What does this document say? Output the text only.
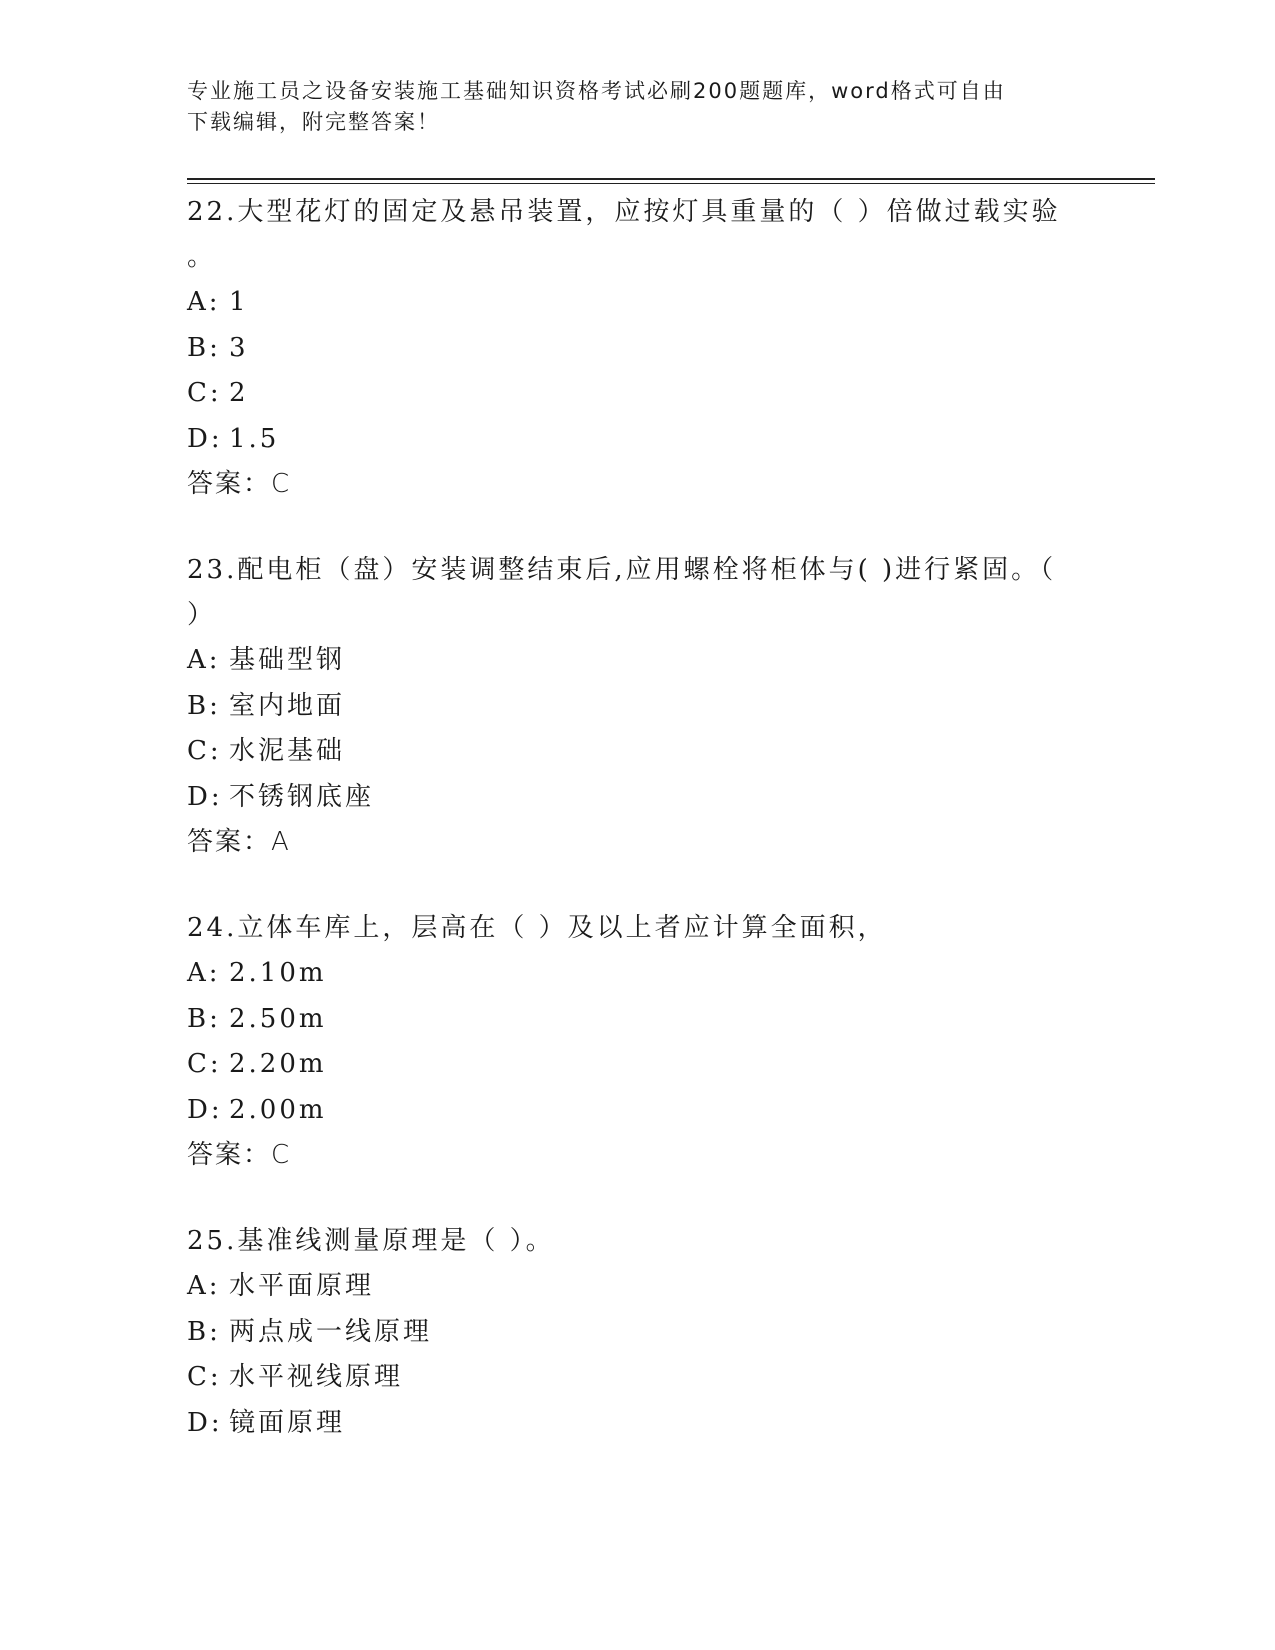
专业施工员之设备安装施工基础知识资格考试必刷200题题库，word格式可自由
下载编辑，附完整答案！
22.大型花灯的固定及悬吊装置，应按灯具重量的（ ）倍做过载实验
。
A: 1
B: 3
C: 2
D: 1.5
答案：C
23.配电柜（盘）安装调整结束后,应用螺栓将柜体与( )进行紧固。（
）
A: 基础型钢
B: 室内地面
C: 水泥基础
D: 不锈钢底座
答案：A
24.立体车库上，层高在（ ）及以上者应计算全面积，
A: 2.10m
B: 2.50m
C: 2.20m
D: 2.00m
答案：C
25.基准线测量原理是（ ）。
A: 水平面原理
B: 两点成一线原理
C: 水平视线原理
D: 镜面原理
